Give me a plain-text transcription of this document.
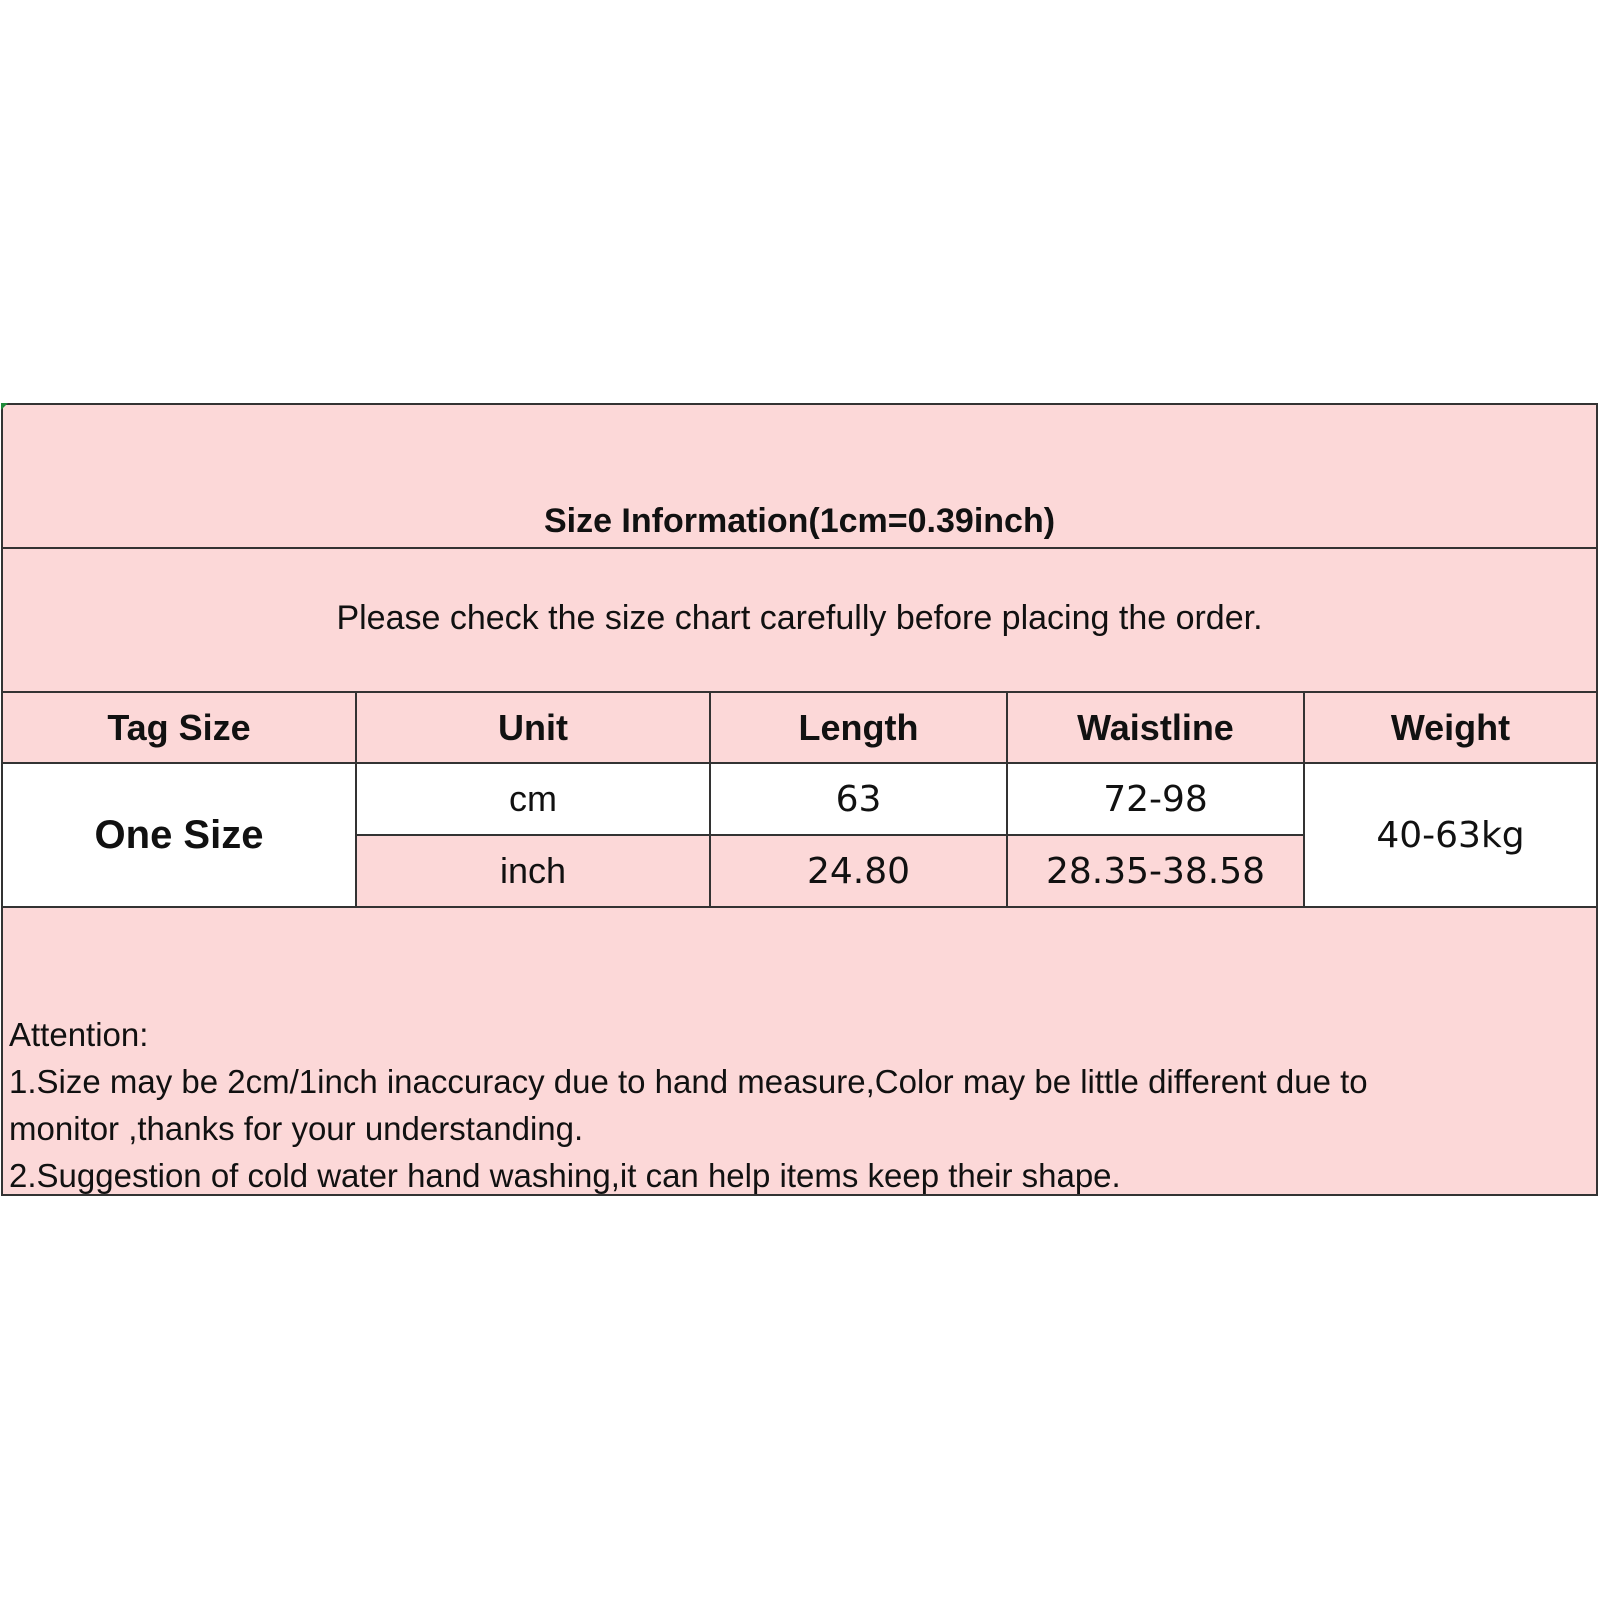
Size Information(1cm=0.39inch)
Please check the size chart carefully before placing the order.
Tag Size	Unit	Length	Waistline	Weight
One Size	cm	63	72-98	40-63kg
	inch	24.80	28.35-38.58	
Attention:
1.Size may be 2cm/1inch inaccuracy due to hand measure,Color may be little different due to
monitor ,thanks for your understanding.
2.Suggestion of cold water hand washing,it can help items keep their shape.
